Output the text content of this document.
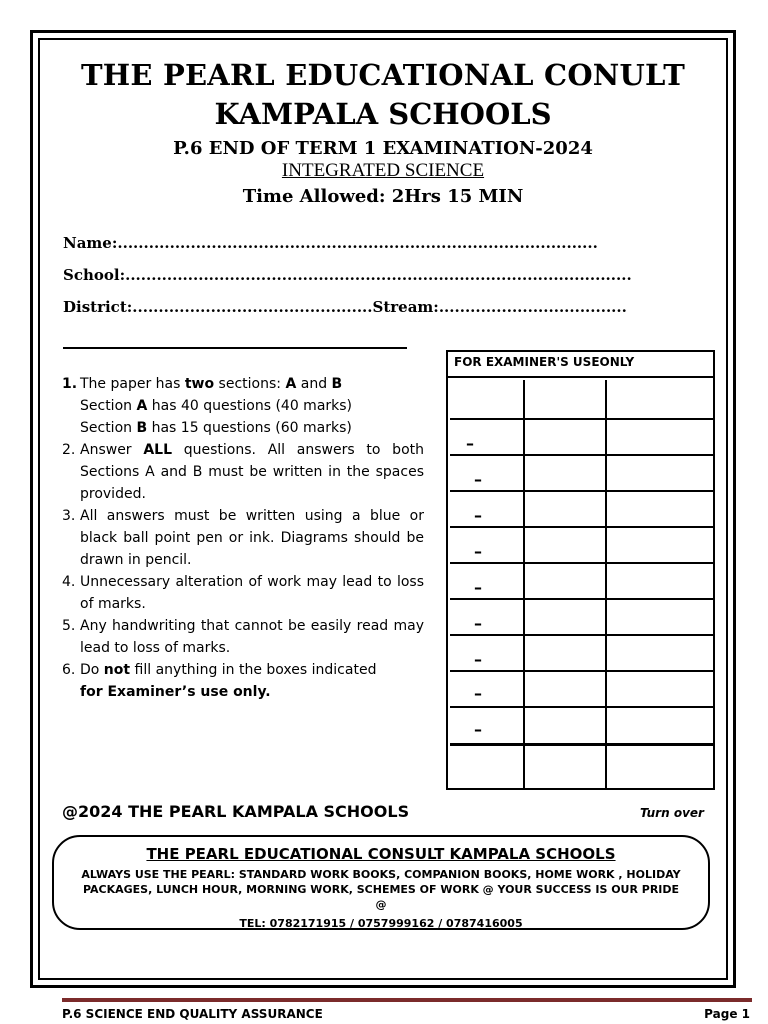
THE PEARL EDUCATIONAL CONULT
KAMPALA SCHOOLS
P.6 END OF TERM 1 EXAMINATION-2024
INTEGRATED SCIENCE
Time Allowed: 2Hrs 15 MIN
Name:............................................................................................
School:.................................................................................................
District:..............................................Stream:....................................
1. The paper has two sections: A and B
Section A has 40 questions (40 marks)
Section B has 15 questions (60 marks)
2. Answer ALL questions. All answers to both Sections A and B must be written in the spaces provided.
3. All answers must be written using a blue or black ball point pen or ink. Diagrams should be drawn in pencil.
4. Unnecessary alteration of work may lead to loss of marks.
5. Any handwriting that cannot be easily read may lead to loss of marks.
6. Do not fill anything in the boxes indicated
for Examiner’s use only.
FOR EXAMINER'S USEONLY
–
–
–
–
–
–
–
–
–
@2024 THE PEARL KAMPALA SCHOOLS	Turn over
THE PEARL EDUCATIONAL CONSULT KAMPALA SCHOOLS
ALWAYS USE THE PEARL: STANDARD WORK BOOKS, COMPANION BOOKS, HOME WORK , HOLIDAY PACKAGES, LUNCH HOUR, MORNING WORK, SCHEMES OF WORK @ YOUR SUCCESS IS OUR PRIDE @
TEL: 0782171915 / 0757999162 / 0787416005
P.6 SCIENCE END QUALITY ASSURANCE	Page 1
